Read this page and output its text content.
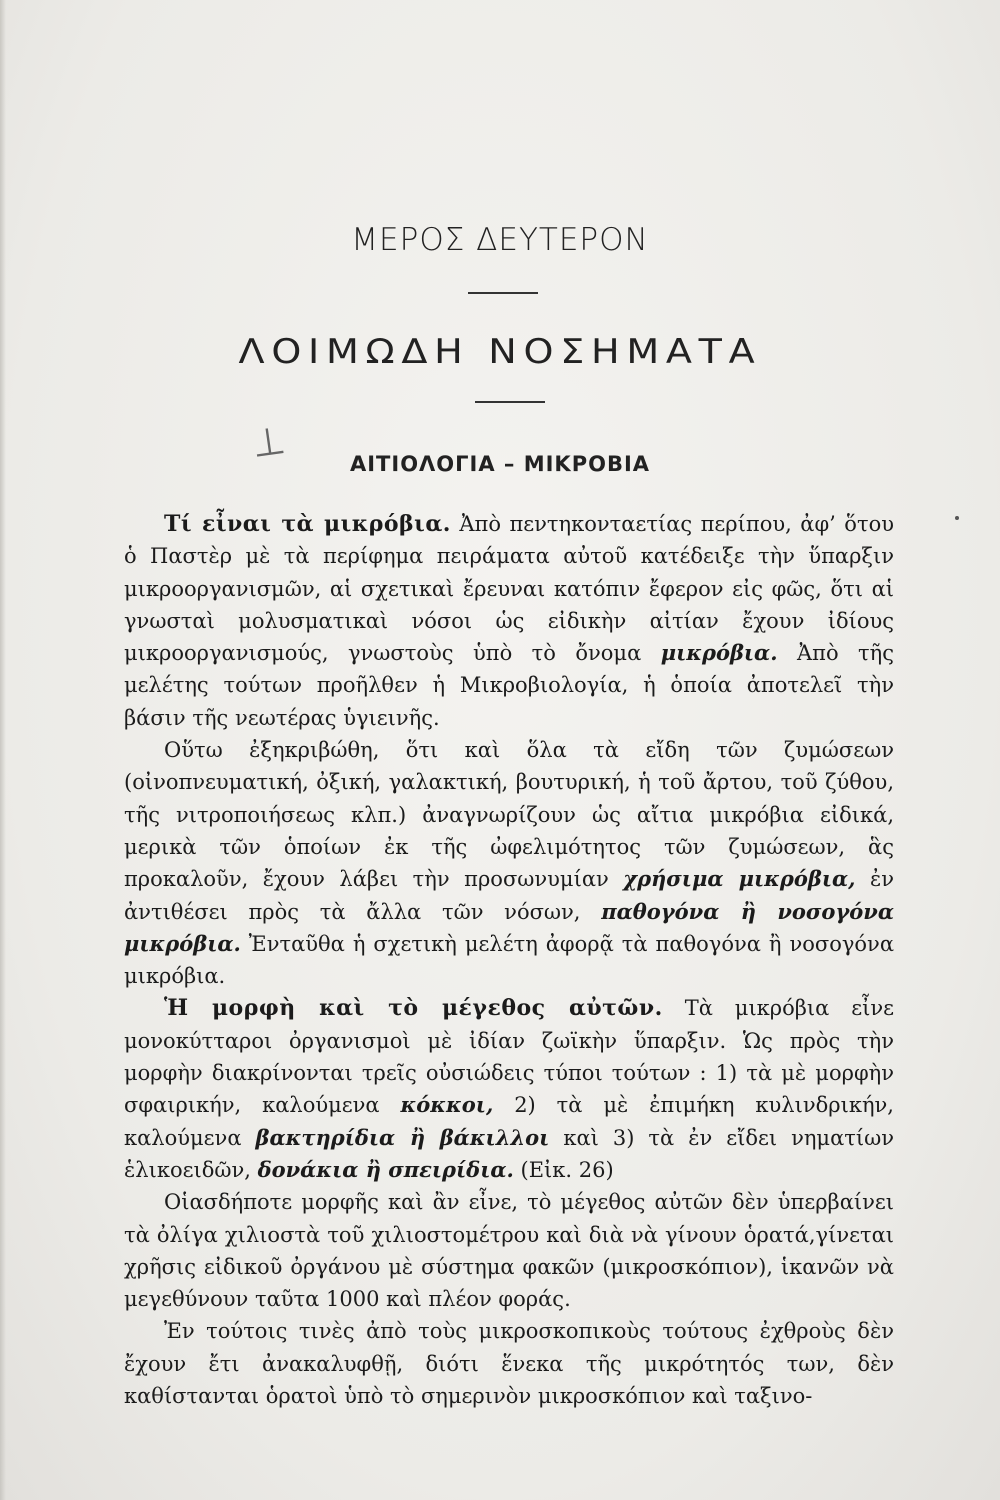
ΜΕΡΟΣ ΔΕΥΤΕΡΟΝ
ΛΟΙΜΩΔΗ ΝΟΣΗΜΑΤΑ
⊥	ΑΙΤΙΟΛΟΓΙΑ – ΜΙΚΡΟΒΙΑ

Τί εἶναι τὰ μικρόβια. Ἀπὸ πεντηκονταετίας περίπου, ἀφ’ ὅτου ὁ Παστὲρ μὲ τὰ περίφημα πειράματα αὐτοῦ κατέδειξε τὴν ὕπαρξιν μικροοργανισμῶν, αἱ σχετικαὶ ἔρευναι κατόπιν ἔφερον εἰς φῶς, ὅτι αἱ γνωσταὶ μολυσματικαὶ νόσοι ὡς εἰδικὴν αἰτίαν ἔχουν ἰδίους μικροοργανισμούς, γνωστοὺς ὑπὸ τὸ ὄνομα μικρόβια. Ἀπὸ τῆς μελέτης τούτων προῆλθεν ἡ Μικροβιολογία, ἡ ὁποία ἀποτελεῖ τὴν βάσιν τῆς νεωτέρας ὑγιεινῆς.

Οὕτω ἐξηκριβώθη, ὅτι καὶ ὅλα τὰ εἴδη τῶν ζυμώσεων (οἰνοπνευματική, ὀξική, γαλακτική, βουτυρική, ἡ τοῦ ἄρτου, τοῦ ζύθου, τῆς νιτροποιήσεως κλπ.) ἀναγνωρίζουν ὡς αἴτια μικρόβια εἰδικά, μερικὰ τῶν ὁποίων ἐκ τῆς ὠφελιμότητος τῶν ζυμώσεων, ἃς προκαλοῦν, ἔχουν λάβει τὴν προσωνυμίαν χρήσιμα μικρόβια, ἐν ἀντιθέσει πρὸς τὰ ἄλλα τῶν νόσων, παθογόνα ἢ νοσογόνα μικρόβια. Ἐνταῦθα ἡ σχετικὴ μελέτη ἀφορᾷ τὰ παθογόνα ἢ νοσογόνα μικρόβια.

Ἡ μορφὴ καὶ τὸ μέγεθος αὐτῶν. Τὰ μικρόβια εἶνε μονοκύτταροι ὀργανισμοὶ μὲ ἰδίαν ζωϊκὴν ὕπαρξιν. Ὡς πρὸς τὴν μορφὴν διακρίνονται τρεῖς οὐσιώδεις τύποι τούτων : 1) τὰ μὲ μορφὴν σφαιρικήν, καλούμενα κόκκοι, 2) τὰ μὲ ἐπιμήκη κυλινδρικήν, καλούμενα βακτηρίδια ἢ βάκιλλοι καὶ 3) τὰ ἐν εἴδει νηματίων ἑλικοειδῶν, δονάκια ἢ σπειρίδια. (Εἰκ. 26)

Οἱασδήποτε μορφῆς καὶ ἂν εἶνε, τὸ μέγεθος αὐτῶν δὲν ὑπερβαίνει τὰ ὀλίγα χιλιοστὰ τοῦ χιλιοστομέτρου καὶ διὰ νὰ γίνουν ὁρατά,γίνεται χρῆσις εἰδικοῦ ὀργάνου μὲ σύστημα φακῶν (μικροσκόπιον), ἱκανῶν νὰ μεγεθύνουν ταῦτα 1000 καὶ πλέον φοράς.

Ἐν τούτοις τινὲς ἀπὸ τοὺς μικροσκοπικοὺς τούτους ἐχθροὺς δὲν ἔχουν ἔτι ἀνακαλυφθῇ, διότι ἕνεκα τῆς μικρότητός των, δὲν καθίστανται ὁρατοὶ ὑπὸ τὸ σημερινὸν μικροσκόπιον καὶ ταξινο-
